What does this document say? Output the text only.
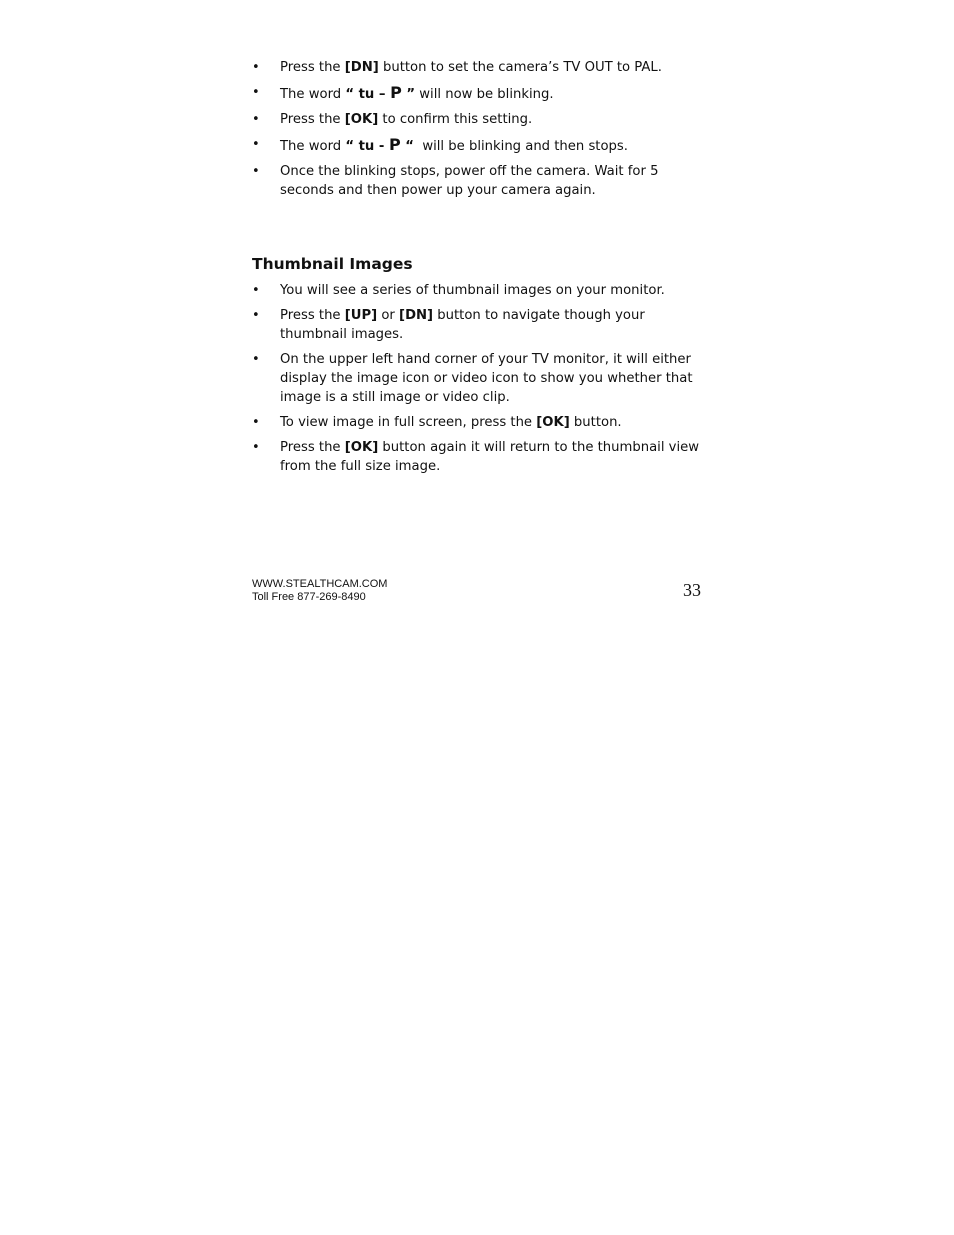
• Press the [DN] button to set the camera’s TV OUT to PAL.
• The word “ tu – P ” will now be blinking.
• Press the [OK] to confirm this setting.
• The word “ tu - P “  will be blinking and then stops.
• Once the blinking stops, power off the camera. Wait for 5 seconds and then power up your camera again.
Thumbnail Images
• You will see a series of thumbnail images on your monitor.
• Press the [UP] or [DN] button to navigate though your thumbnail images.
• On the upper left hand corner of your TV monitor, it will either display the image icon or video icon to show you whether that image is a still image or video clip.
• To view image in full screen, press the [OK] button.
• Press the [OK] button again it will return to the thumbnail view from the full size image.
WWW.STEALTHCAM.COM
Toll Free 877-269-8490	33
